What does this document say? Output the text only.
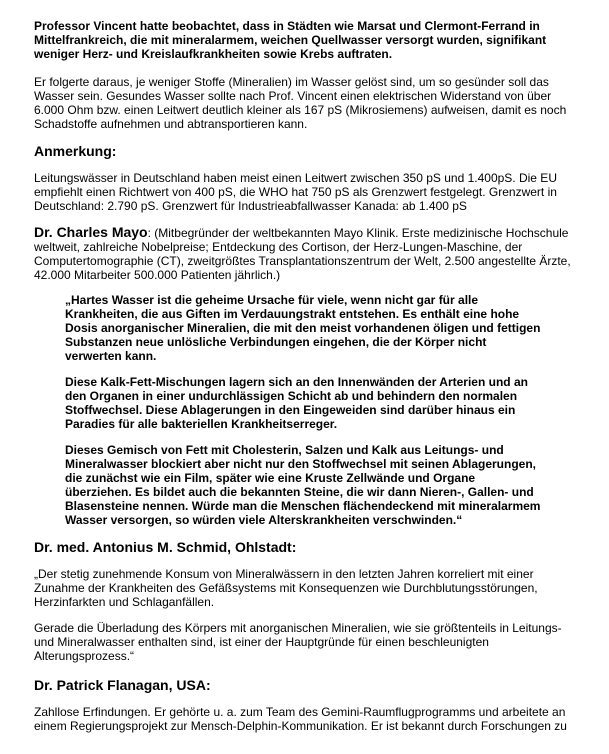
Professor Vincent hatte beobachtet, dass in Städten wie Marsat und Clermont-Ferrand in Mittelfrankreich, die mit mineralarmem, weichen Quellwasser versorgt wurden, signifikant weniger Herz- und Kreislaufkrankheiten sowie Krebs auftraten.

Er folgerte daraus, je weniger Stoffe (Mineralien) im Wasser gelöst sind, um so gesünder soll das Wasser sein. Gesundes Wasser sollte nach Prof. Vincent einen elektrischen Widerstand von über 6.000 Ohm bzw. einen Leitwert deutlich kleiner als 167 pS (Mikrosiemens) aufweisen, damit es noch Schadstoffe aufnehmen und abtransportieren kann.

Anmerkung:

Leitungswässer in Deutschland haben meist einen Leitwert zwischen 350 pS und 1.400pS. Die EU empfiehlt einen Richtwert von 400 pS, die WHO hat 750 pS als Grenzwert festgelegt. Grenzwert in Deutschland: 2.790 pS. Grenzwert für Industrieabfallwasser Kanada: ab 1.400 pS

Dr. Charles Mayo: (Mitbegründer der weltbekannten Mayo Klinik. Erste medizinische Hochschule weltweit, zahlreiche Nobelpreise; Entdeckung des Cortison, der Herz-Lungen-Maschine, der Computertomographie (CT), zweitgrößtes Transplantationszentrum der Welt, 2.500 angestellte Ärzte, 42.000 Mitarbeiter 500.000 Patienten jährlich.)

„Hartes Wasser ist die geheime Ursache für viele, wenn nicht gar für alle Krankheiten, die aus Giften im Verdauungstrakt entstehen. Es enthält eine hohe Dosis anorganischer Mineralien, die mit den meist vorhandenen öligen und fettigen Substanzen neue unlösliche Verbindungen eingehen, die der Körper nicht verwerten kann.

Diese Kalk-Fett-Mischungen lagern sich an den Innenwänden der Arterien und an den Organen in einer undurchlässigen Schicht ab und behindern den normalen Stoffwechsel. Diese Ablagerungen in den Eingeweiden sind darüber hinaus ein Paradies für alle bakteriellen Krankheitserreger.

Dieses Gemisch von Fett mit Cholesterin, Salzen und Kalk aus Leitungs- und Mineralwasser blockiert aber nicht nur den Stoffwechsel mit seinen Ablagerungen, die zunächst wie ein Film, später wie eine Kruste Zellwände und Organe überziehen. Es bildet auch die bekannten Steine, die wir dann Nieren-, Gallen- und Blasensteine nennen. Würde man die Menschen flächendeckend mit mineralarmem Wasser versorgen, so würden viele Alterskrankheiten verschwinden.“

Dr. med. Antonius M. Schmid, Ohlstadt:

„Der stetig zunehmende Konsum von Mineralwässern in den letzten Jahren korreliert mit einer Zunahme der Krankheiten des Gefäßsystems mit Konsequenzen wie Durchblutungsstörungen, Herzinfarkten und Schlaganfällen.

Gerade die Überladung des Körpers mit anorganischen Mineralien, wie sie größtenteils in Leitungs- und Mineralwasser enthalten sind, ist einer der Hauptgründe für einen beschleunigten Alterungsprozess.“

Dr. Patrick Flanagan, USA:

Zahllose Erfindungen. Er gehörte u. a. zum Team des Gemini-Raumflugprogramms und arbeitete an einem Regierungsprojekt zur Mensch-Delphin-Kommunikation. Er ist bekannt durch Forschungen zu
